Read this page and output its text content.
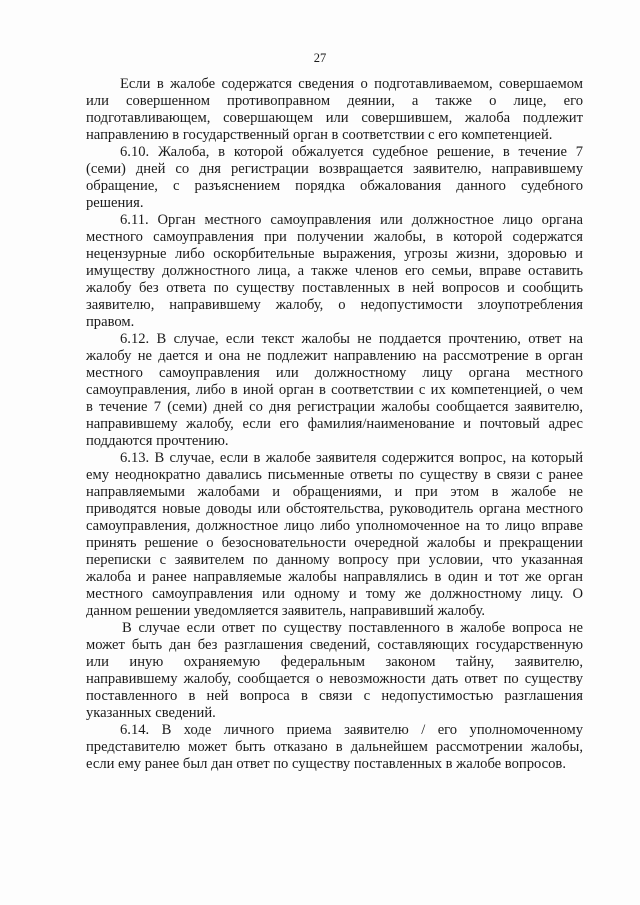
27
Если в жалобе содержатся сведения о подготавливаемом, совершаемом
или совершенном противоправном деянии, а также о лице, его
подготавливающем, совершающем или совершившем, жалоба подлежит
направлению в государственный орган в соответствии с его компетенцией.
6.10. Жалоба, в которой обжалуется судебное решение, в течение 7
(семи) дней со дня регистрации возвращается заявителю, направившему
обращение, с разъяснением порядка обжалования данного судебного
решения.
6.11. Орган местного самоуправления или должностное лицо органа
местного самоуправления при получении жалобы, в которой содержатся
нецензурные либо оскорбительные выражения, угрозы жизни, здоровью и
имуществу должностного лица, а также членов его семьи, вправе оставить
жалобу без ответа по существу поставленных в ней вопросов и сообщить
заявителю, направившему жалобу, о недопустимости злоупотребления
правом.
6.12. В случае, если текст жалобы не поддается прочтению, ответ на
жалобу не дается и она не подлежит направлению на рассмотрение в орган
местного самоуправления или должностному лицу органа местного
самоуправления, либо в иной орган в соответствии с их компетенцией, о чем
в течение 7 (семи) дней со дня регистрации жалобы сообщается заявителю,
направившему жалобу, если его фамилия/наименование и почтовый адрес
поддаются прочтению.
6.13. В случае, если в жалобе заявителя содержится вопрос, на который
ему неоднократно давались письменные ответы по существу в связи с ранее
направляемыми жалобами и обращениями, и при этом в жалобе не
приводятся новые доводы или обстоятельства, руководитель органа местного
самоуправления, должностное лицо либо уполномоченное на то лицо вправе
принять решение о безосновательности очередной жалобы и прекращении
переписки с заявителем по данному вопросу при условии, что указанная
жалоба и ранее направляемые жалобы направлялись в один и тот же орган
местного самоуправления или одному и тому же должностному лицу. О
данном решении уведомляется заявитель, направивший жалобу.
В случае если ответ по существу поставленного в жалобе вопроса не
может быть дан без разглашения сведений, составляющих государственную
или иную охраняемую федеральным законом тайну, заявителю,
направившему жалобу, сообщается о невозможности дать ответ по существу
поставленного в ней вопроса в связи с недопустимостью разглашения
указанных сведений.
6.14. В ходе личного приема заявителю / его уполномоченному
представителю может быть отказано в дальнейшем рассмотрении жалобы,
если ему ранее был дан ответ по существу поставленных в жалобе вопросов.
